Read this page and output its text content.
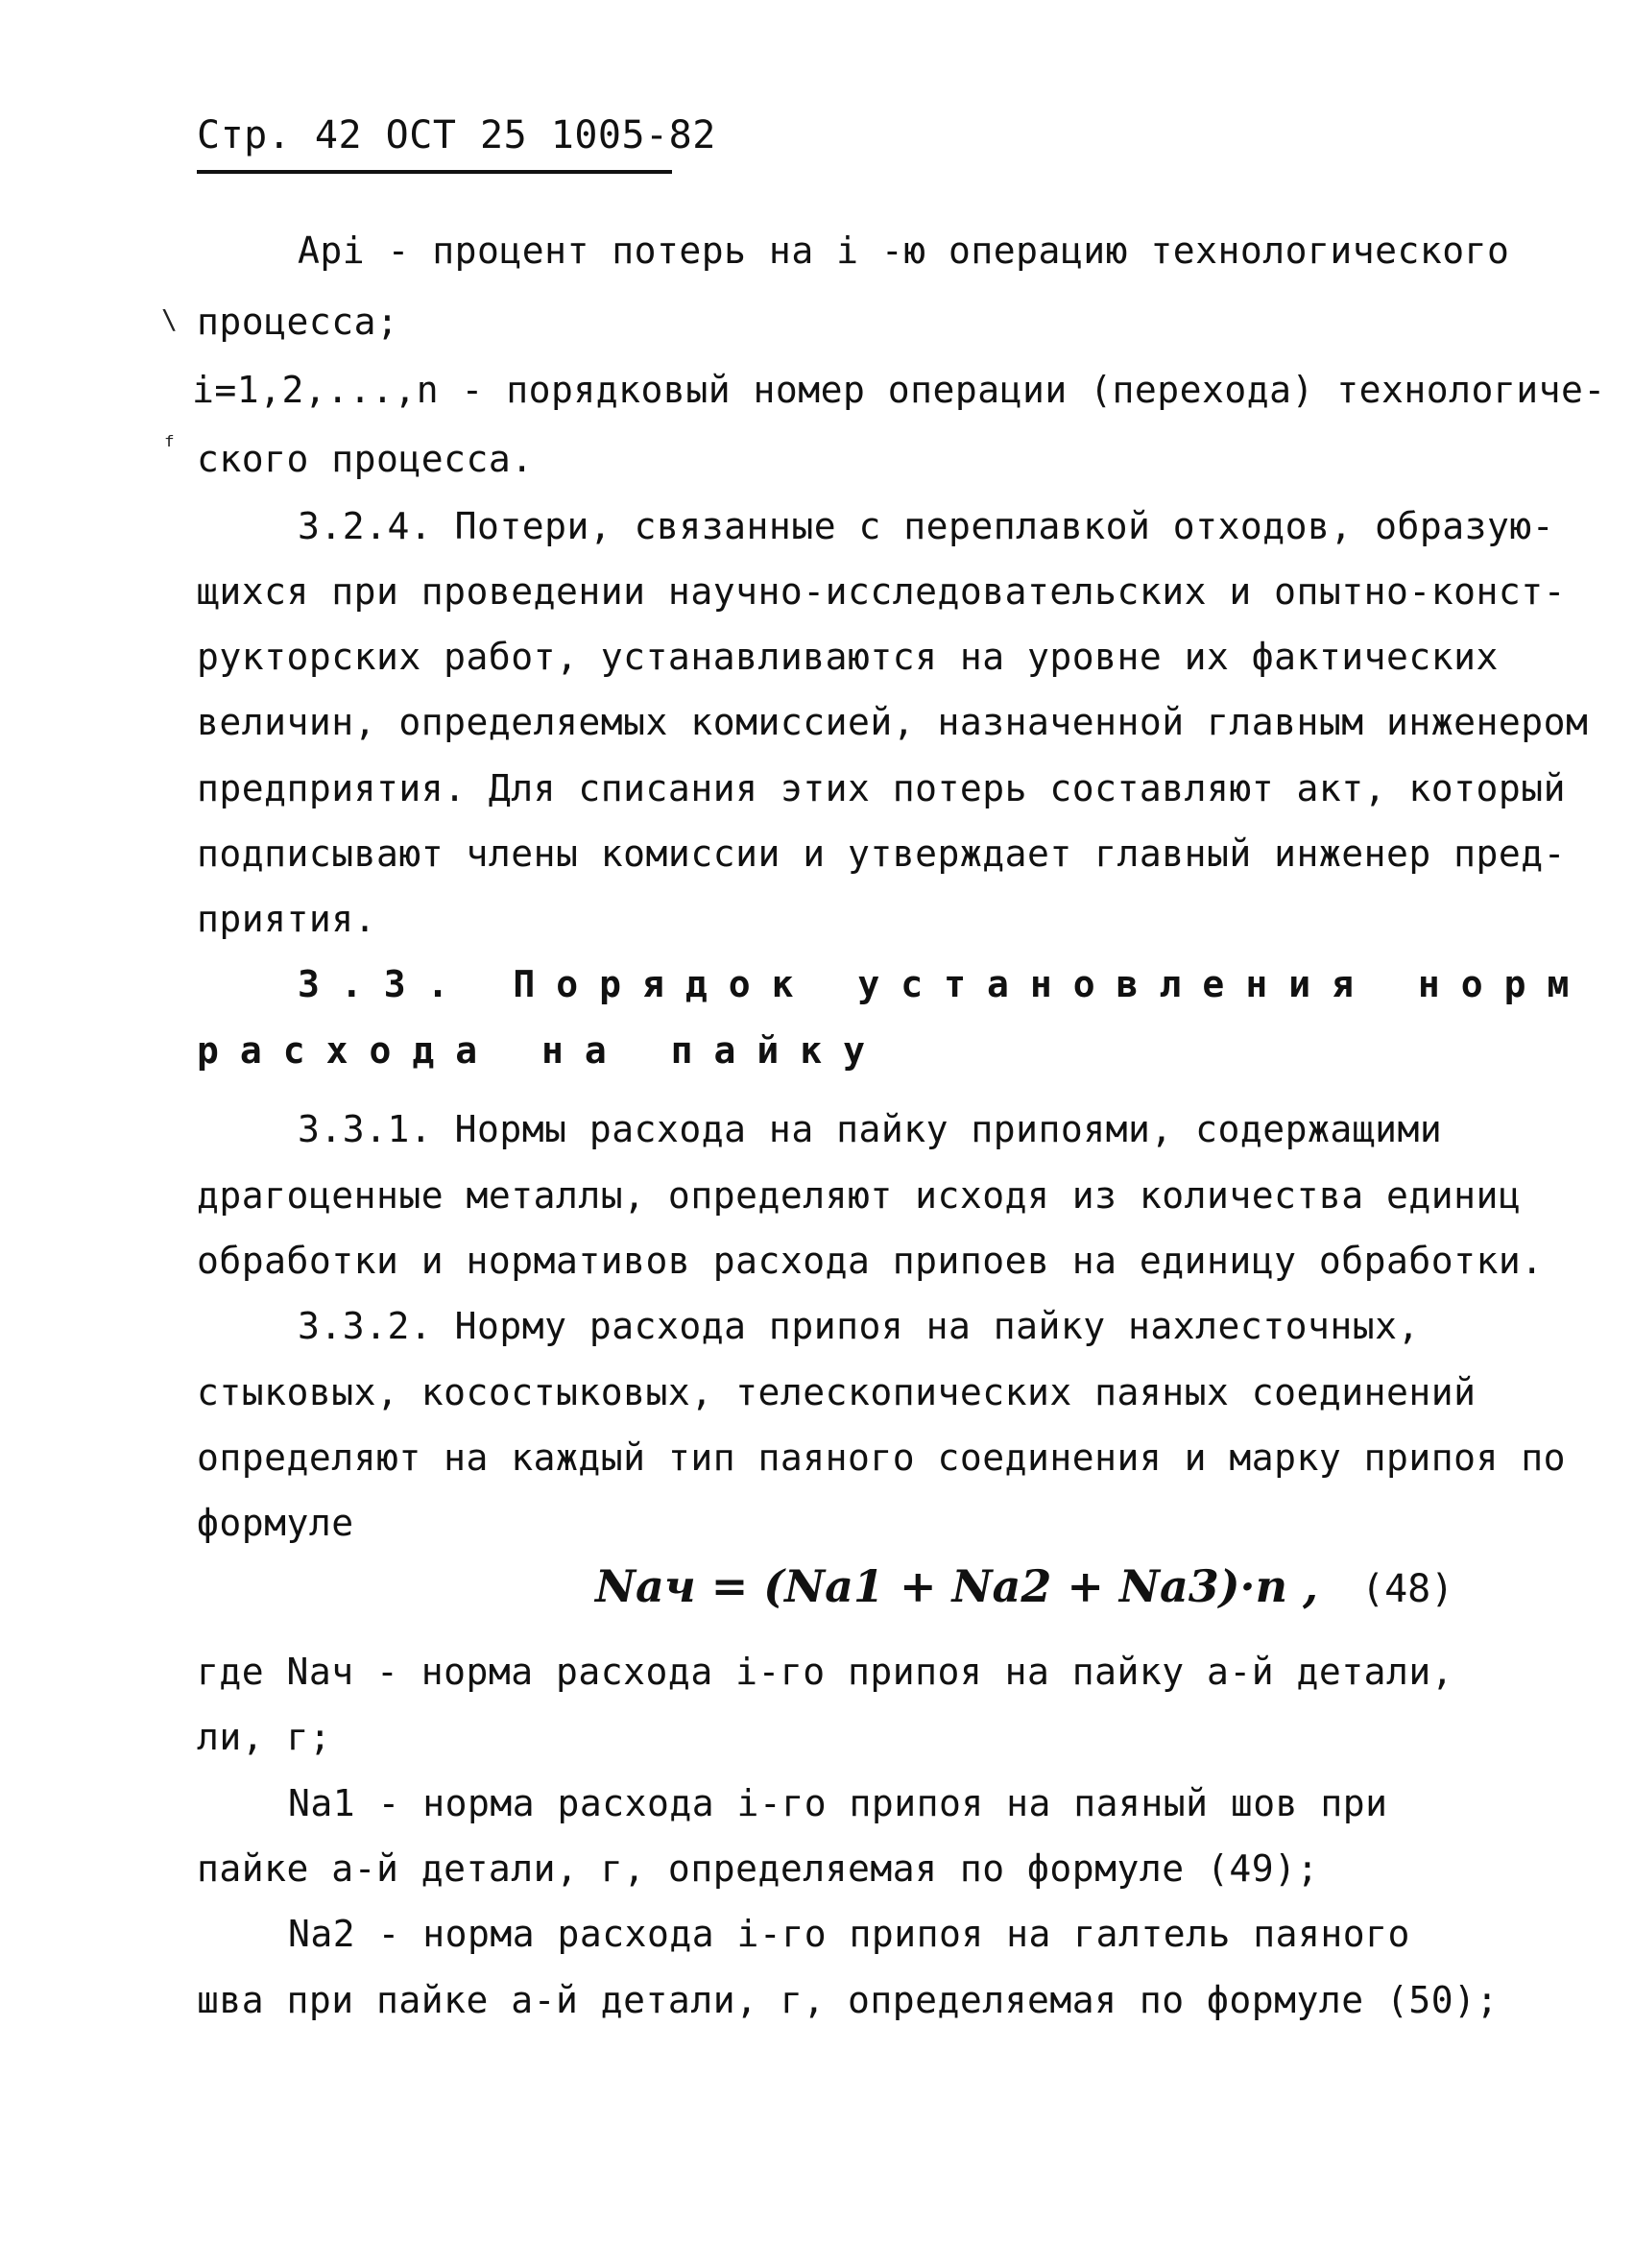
Стр. 42 ОСТ 25 1005-82
Api - процент потерь на i -ю операцию технологического
\ процесса;
i=1,2,...,n - порядковый номер операции (перехода) технологиче-
ᶠ ского процесса.
3.2.4. Потери, связанные с переплавкой отходов, образую-
щихся при проведении научно-исследовательских и опытно-конст-
рукторских работ, устанавливаются на уровне их фактических
величин, определяемых комиссией, назначенной главным инженером
предприятия. Для списания этих потерь составляют акт, который
подписывают члены комиссии и утверждает главный инженер пред-
приятия.
3.3. Порядок установления норм
расхода на пайку
3.3.1. Нормы расхода на пайку припоями, содержащими
драгоценные металлы, определяют исходя из количества единиц
обработки и нормативов расхода припоев на единицу обработки.
3.3.2. Норму расхода припоя на пайку нахлесточных,
стыковых, косостыковых, телескопических паяных соединений
определяют на каждый тип паяного соединения и марку припоя по
формуле
Naч = (Na1 + Na2 + Na3)·n , (48)
где Naч - норма расхода i-го припоя на пайку a-й детали,
ли, г;
Na1 - норма расхода i-го припоя на паяный шов при
пайке a-й детали, г, определяемая по формуле (49);
Na2 - норма расхода i-го припоя на галтель паяного
шва при пайке a-й детали, г, определяемая по формуле (50);
